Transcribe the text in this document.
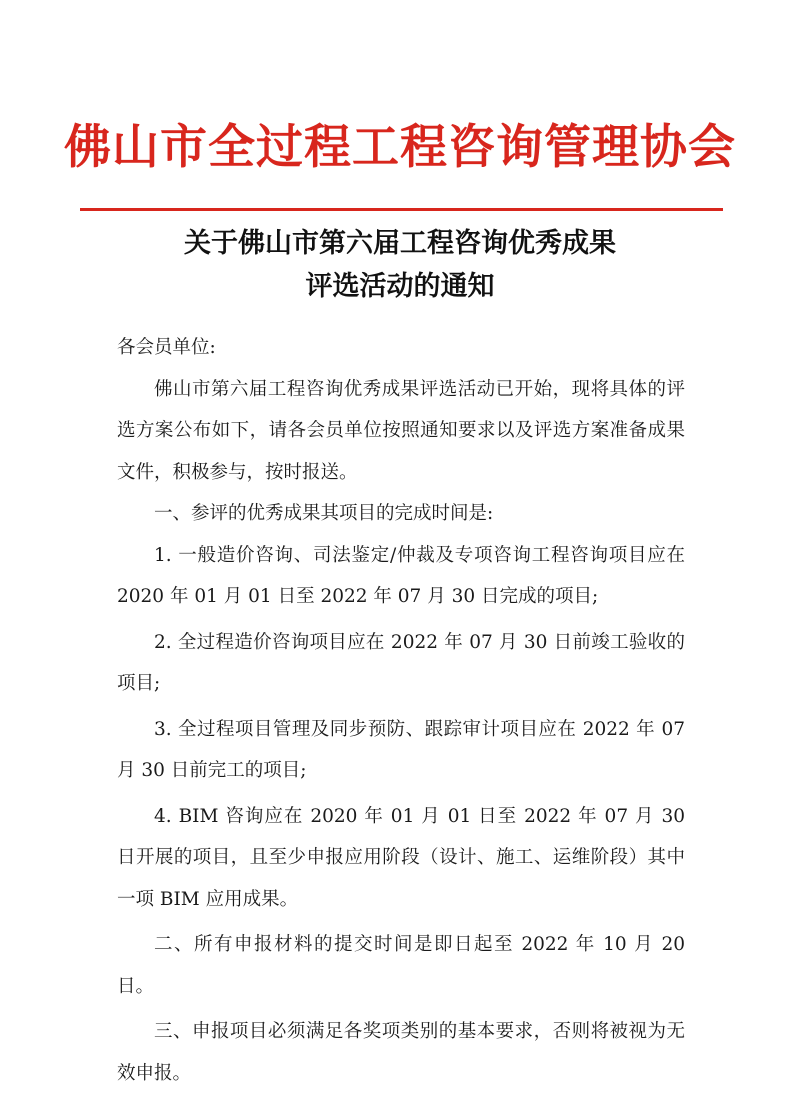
佛山市全过程工程咨询管理协会
关于佛山市第六届工程咨询优秀成果
评选活动的通知

各会员单位:

佛山市第六届工程咨询优秀成果评选活动已开始，现将具体的评选方案公布如下，请各会员单位按照通知要求以及评选方案准备成果文件，积极参与，按时报送。

一、参评的优秀成果其项目的完成时间是:

1. 一般造价咨询、司法鉴定/仲裁及专项咨询工程咨询项目应在 2020 年 01 月 01 日至 2022 年 07 月 30 日完成的项目;

2. 全过程造价咨询项目应在 2022 年 07 月 30 日前竣工验收的项目;

3. 全过程项目管理及同步预防、跟踪审计项目应在 2022 年 07 月 30 日前完工的项目;

4. BIM 咨询应在 2020 年 01 月 01 日至 2022 年 07 月 30 日开展的项目，且至少申报应用阶段（设计、施工、运维阶段）其中一项 BIM 应用成果。

二、所有申报材料的提交时间是即日起至 2022 年 10 月 20 日。

三、申报项目必须满足各奖项类别的基本要求，否则将被视为无效申报。
